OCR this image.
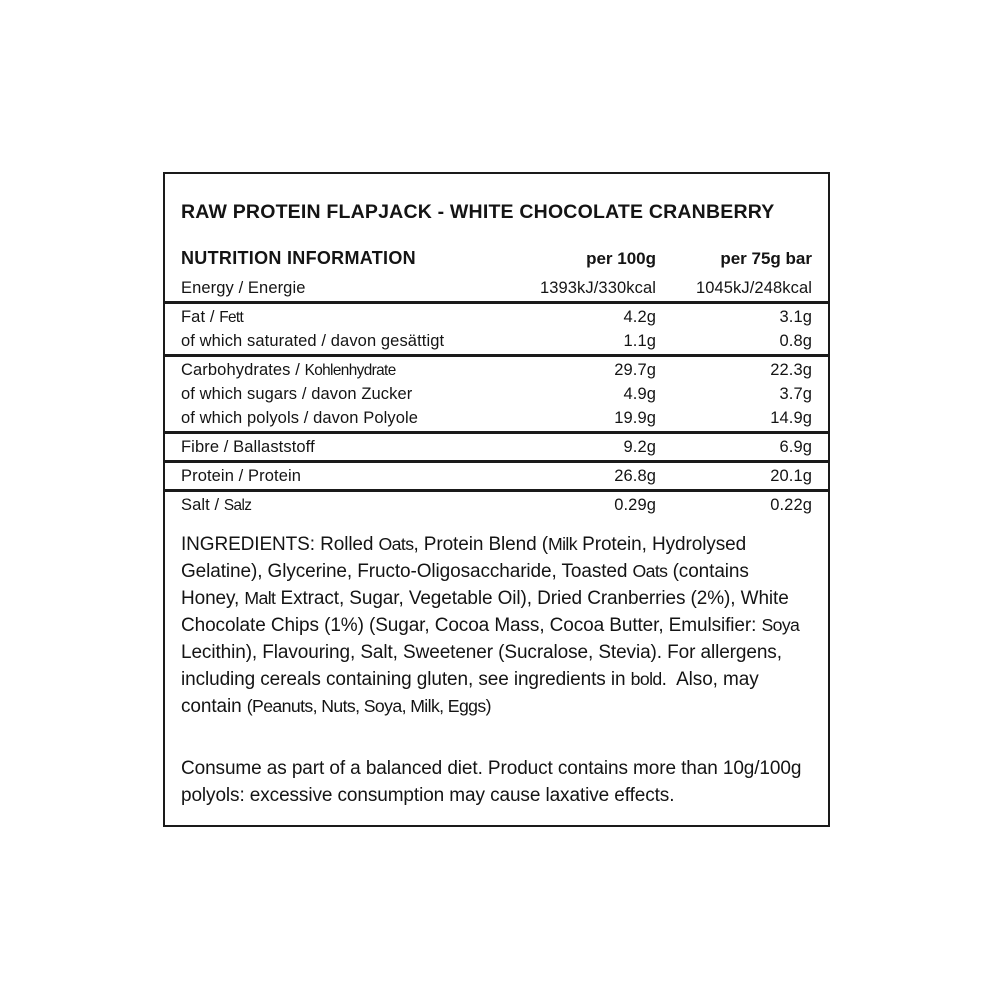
RAW PROTEIN FLAPJACK - WHITE CHOCOLATE CRANBERRY
NUTRITION INFORMATION	per 100g	per 75g bar
Energy / Energie	1393kJ/330kcal	1045kJ/248kcal
Fat / Fett	4.2g	3.1g
of which saturated / davon gesättigt	1.1g	0.8g
Carbohydrates / Kohlenhydrate	29.7g	22.3g
of which sugars / davon Zucker	4.9g	3.7g
of which polyols / davon Polyole	19.9g	14.9g
Fibre / Ballaststoff	9.2g	6.9g
Protein / Protein	26.8g	20.1g
Salt / Salz	0.29g	0.22g
INGREDIENTS: Rolled Oats, Protein Blend (Milk Protein, Hydrolysed Gelatine), Glycerine, Fructo-Oligosaccharide, Toasted Oats (contains Honey, Malt Extract, Sugar, Vegetable Oil), Dried Cranberries (2%), White Chocolate Chips (1%) (Sugar, Cocoa Mass, Cocoa Butter, Emulsifier: Soya Lecithin), Flavouring, Salt, Sweetener (Sucralose, Stevia). For allergens, including cereals containing gluten, see ingredients in bold.  Also, may contain (Peanuts, Nuts, Soya, Milk, Eggs)
Consume as part of a balanced diet. Product contains more than 10g/100g polyols: excessive consumption may cause laxative effects.
